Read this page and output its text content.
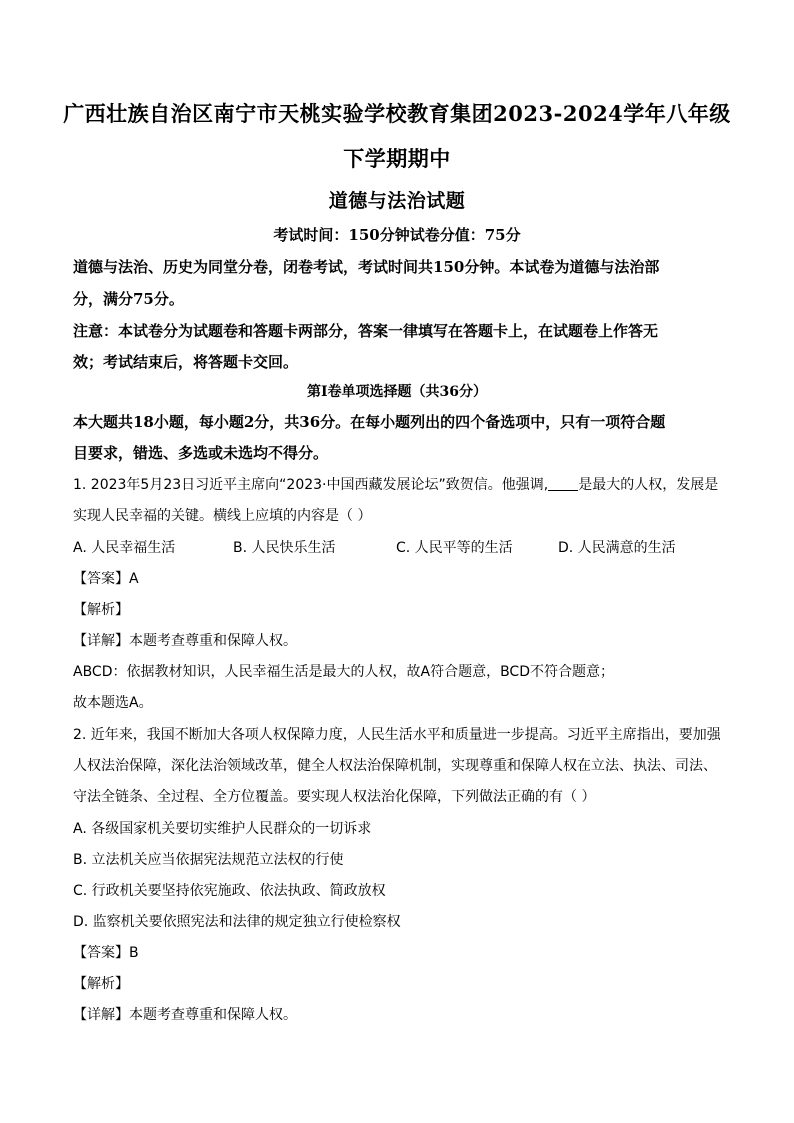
广西壮族自治区南宁市天桃实验学校教育集团2023-2024学年八年级
下学期期中
道德与法治试题
考试时间：150分钟试卷分值：75分
道德与法治、历史为同堂分卷，闭卷考试，考试时间共150分钟。本试卷为道德与法治部
分，满分75分。
注意：本试卷分为试题卷和答题卡两部分，答案一律填写在答题卡上，在试题卷上作答无
效；考试结束后，将答题卡交回。
第Ⅰ卷单项选择题（共36分）
本大题共18小题，每小题2分，共36分。在每小题列出的四个备选项中，只有一项符合题
目要求，错选、多选或未选均不得分。
1. 2023年5月23日习近平主席向“2023·中国西藏发展论坛”致贺信。他强调, 是最大的人权，发展是
实现人民幸福的关键。横线上应填的内容是（ ）
A. 人民幸福生活	B. 人民快乐生活	C. 人民平等的生活	D. 人民满意的生活
【答案】A
【解析】
【详解】本题考查尊重和保障人权。
ABCD：依据教材知识，人民幸福生活是最大的人权，故A符合题意，BCD不符合题意；
故本题选A。
2. 近年来，我国不断加大各项人权保障力度，人民生活水平和质量进一步提高。习近平主席指出，要加强
人权法治保障，深化法治领域改革，健全人权法治保障机制，实现尊重和保障人权在立法、执法、司法、
守法全链条、全过程、全方位覆盖。要实现人权法治化保障，下列做法正确的有（ ）
A. 各级国家机关要切实维护人民群众的一切诉求
B. 立法机关应当依据宪法规范立法权的行使
C. 行政机关要坚持依宪施政、依法执政、简政放权
D. 监察机关要依照宪法和法律的规定独立行使检察权
【答案】B
【解析】
【详解】本题考查尊重和保障人权。
